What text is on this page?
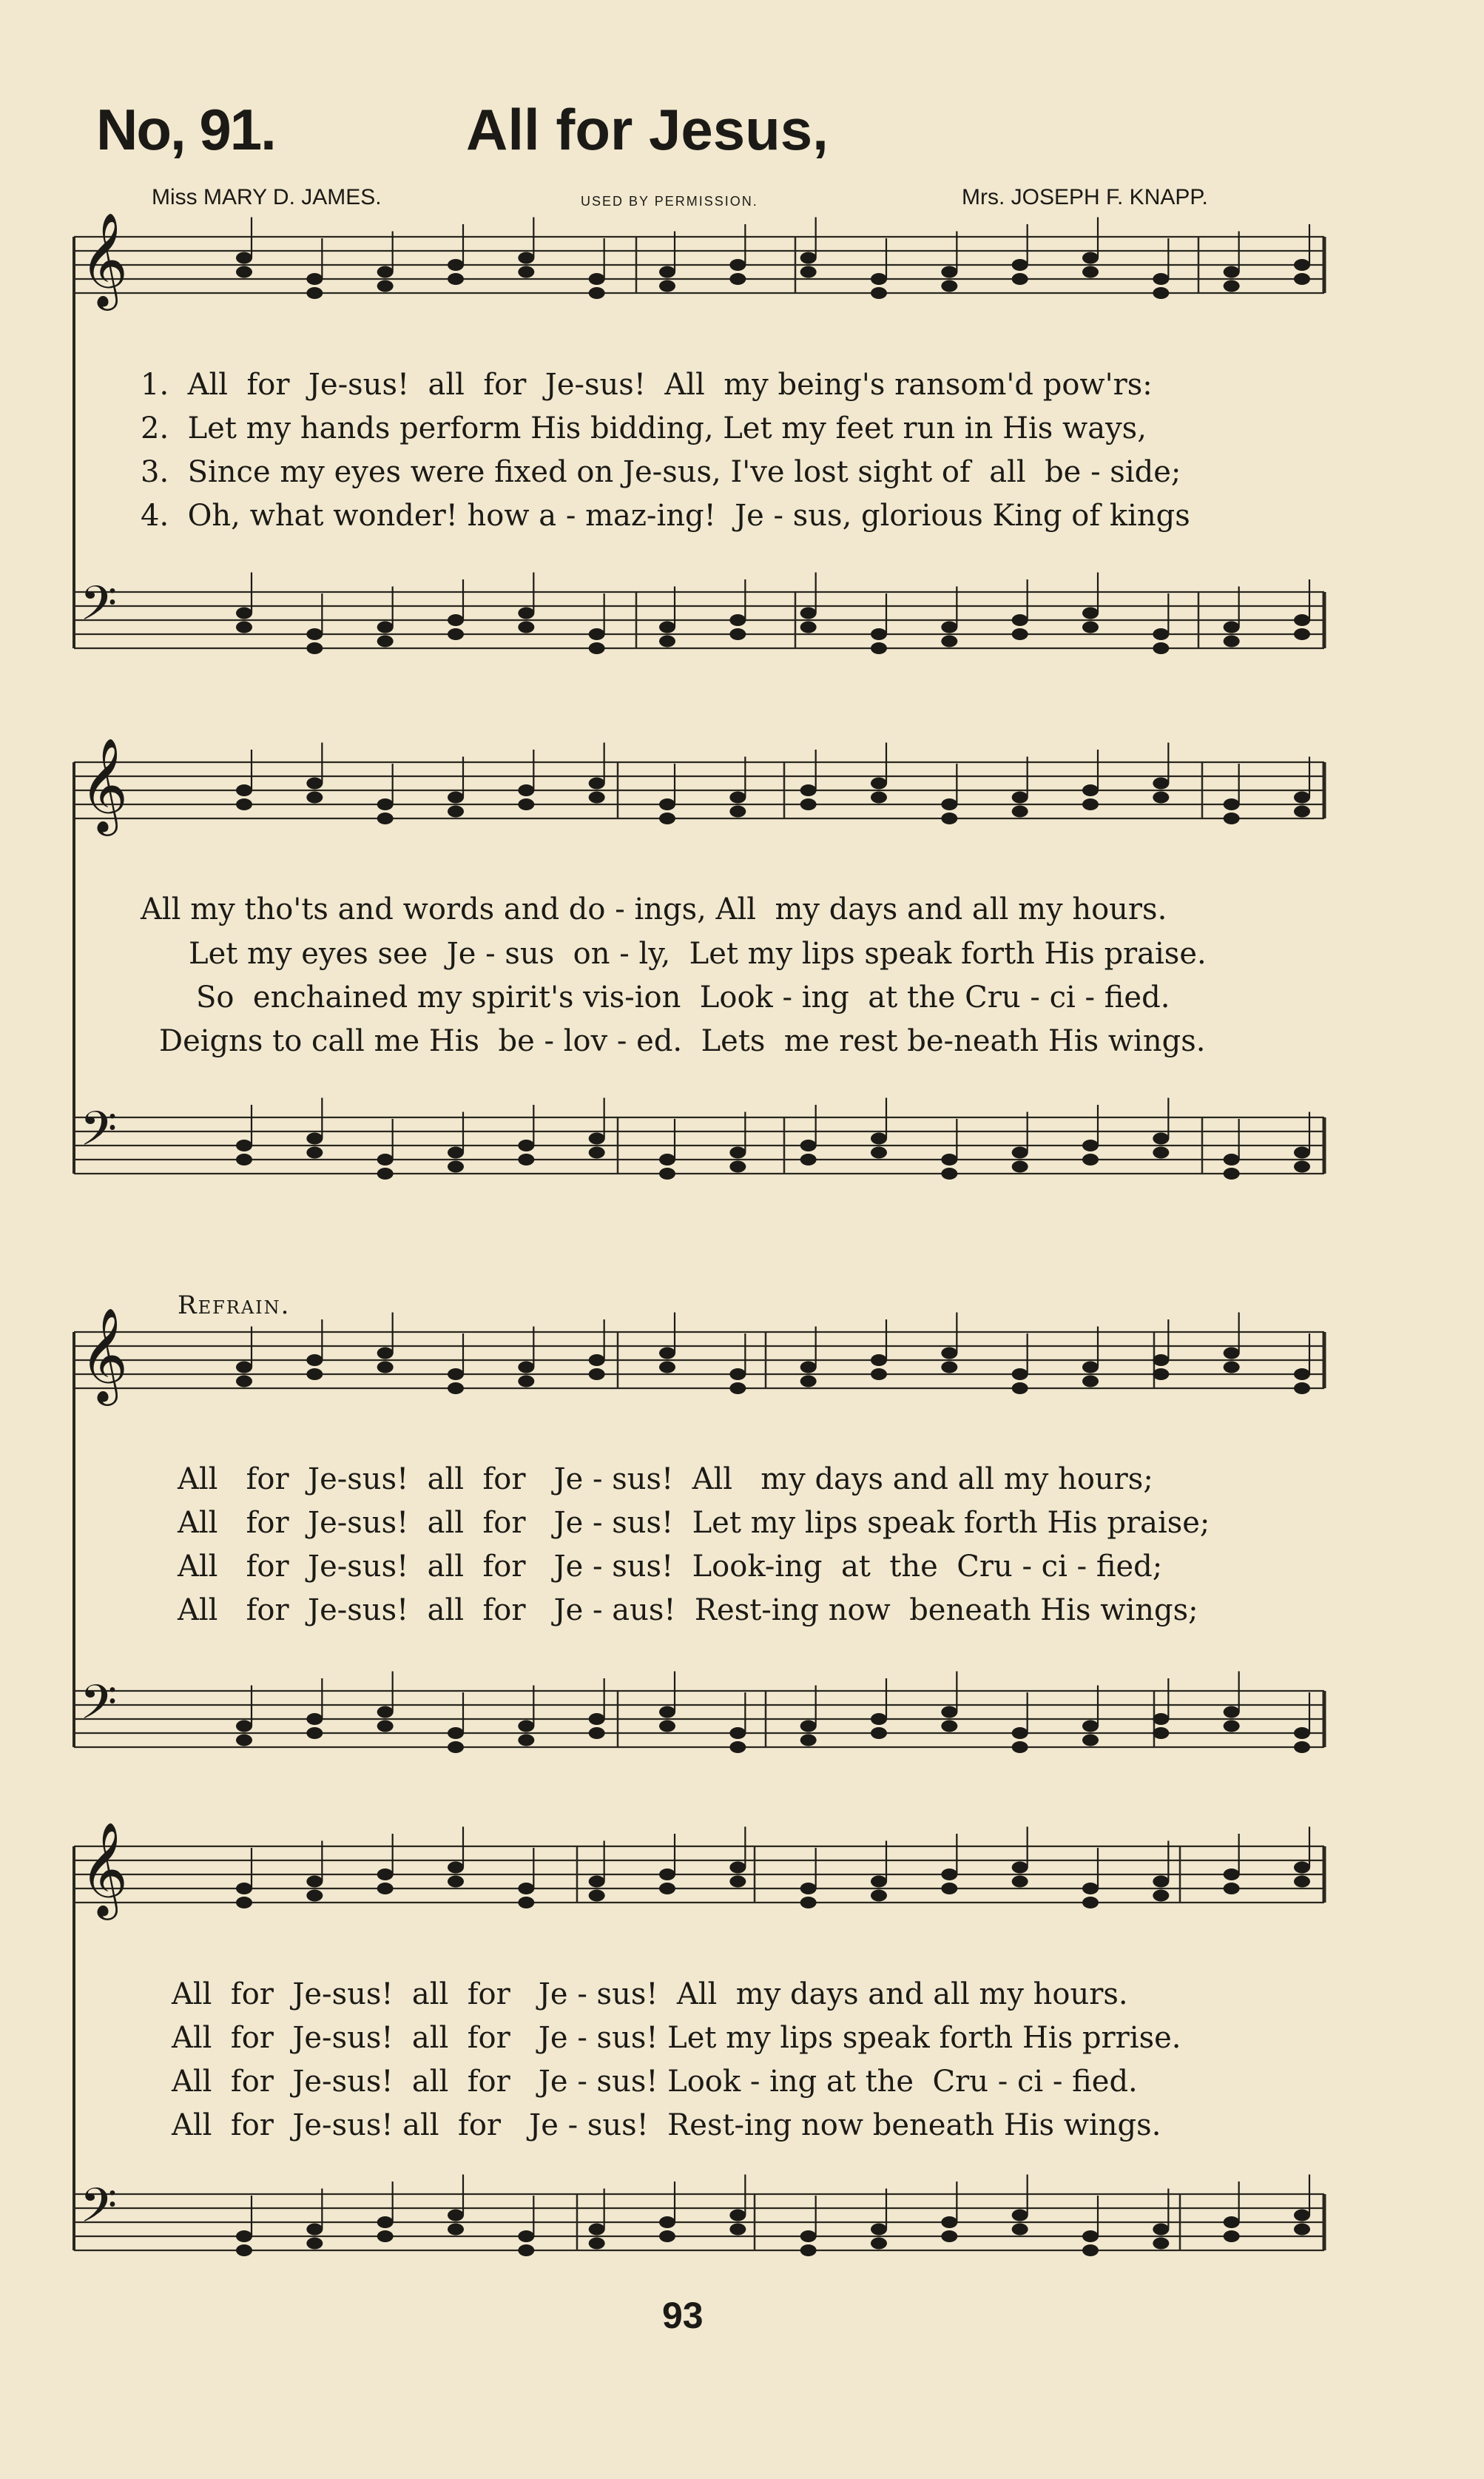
No, 91.	All for Jesus,
Miss MARY D. JAMES.	USED BY PERMISSION.	Mrs. JOSEPH F. KNAPP.
𝄞
𝄢
𝄞
𝄢
𝄞
𝄢
𝄞
𝄢
1.  All  for  Je-sus!  all  for  Je-sus!  All  my being's ransom'd pow'rs:
2.  Let my hands perform His bidding, Let my feet run in His ways,
3.  Since my eyes were fixed on Je-sus, I've lost sight of  all  be - side;
4.  Oh, what wonder! how a - maz-ing!  Je - sus, glorious King of kings
All my tho'ts and words and do - ings, All  my days and all my hours.
Let my eyes see  Je - sus  on - ly,  Let my lips speak forth His praise.
So  enchained my spirit's vis-ion  Look - ing  at the Cru - ci - fied.
Deigns to call me His  be - lov - ed.  Lets  me rest be-neath His wings.
Refrain.
All   for  Je-sus!  all  for   Je - sus!  All   my days and all my hours;
All   for  Je-sus!  all  for   Je - sus!  Let my lips speak forth His praise;
All   for  Je-sus!  all  for   Je - sus!  Look-ing  at  the  Cru - ci - fied;
All   for  Je-sus!  all  for   Je - aus!  Rest-ing now  beneath His wings;
All  for  Je-sus!  all  for   Je - sus!  All  my days and all my hours.
All  for  Je-sus!  all  for   Je - sus! Let my lips speak forth His prrise.
All  for  Je-sus!  all  for   Je - sus! Look - ing at the  Cru - ci - fied.
All  for  Je-sus! all  for   Je - sus!  Rest-ing now beneath His wings.
93
